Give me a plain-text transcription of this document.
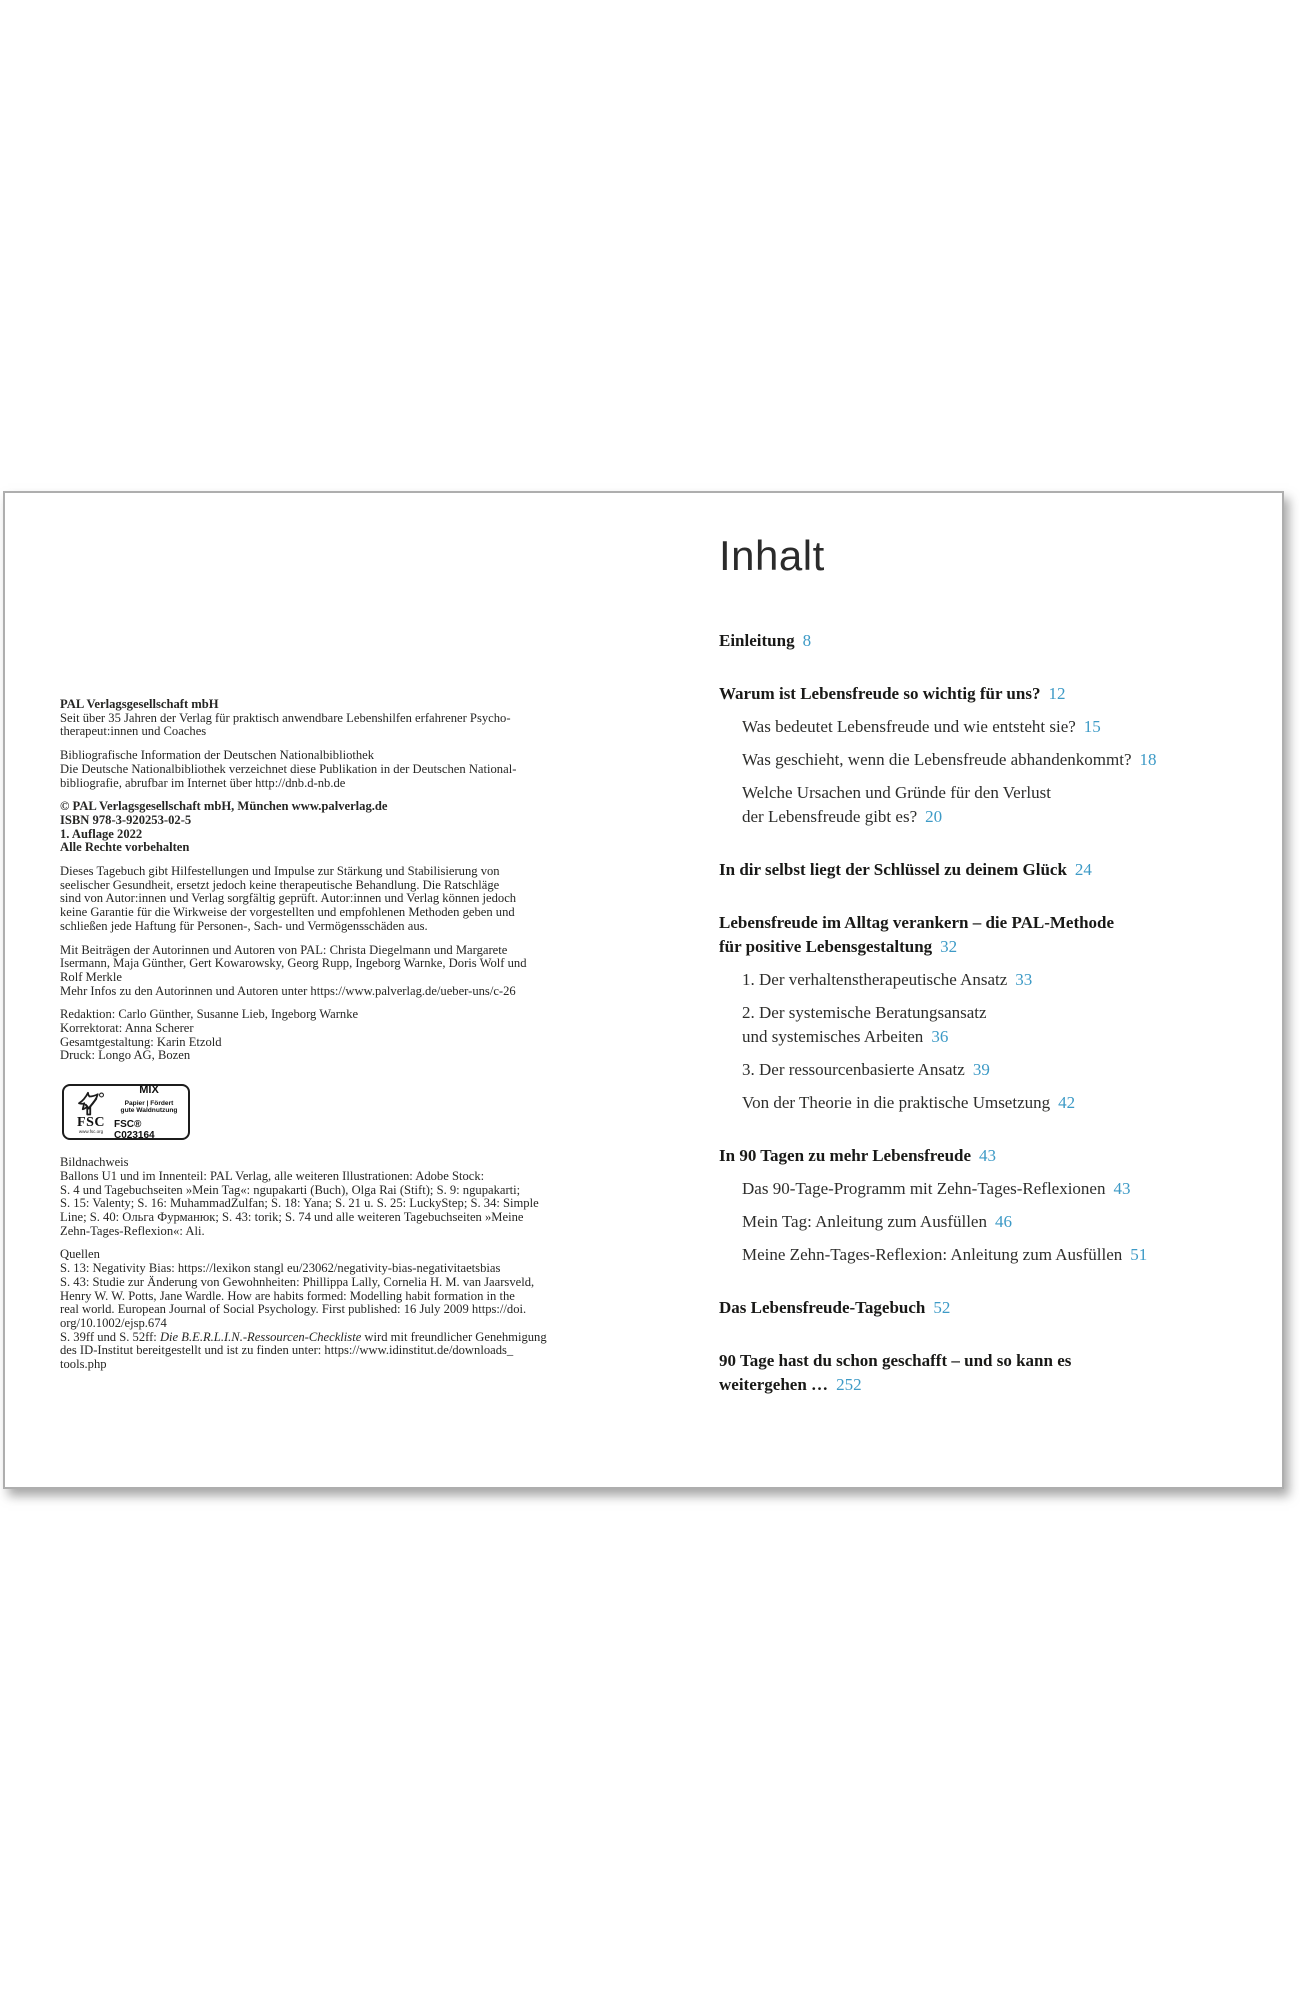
PAL Verlagsgesellschaft mbH
Seit über 35 Jahren der Verlag für praktisch anwendbare Lebenshilfen erfahrener Psycho-
therapeut:innen und Coaches
Bibliografische Information der Deutschen Nationalbibliothek
Die Deutsche Nationalbibliothek verzeichnet diese Publikation in der Deutschen National-
bibliografie, abrufbar im Internet über http://dnb.d-nb.de
© PAL Verlagsgesellschaft mbH, München www.palverlag.de
ISBN 978-3-920253-02-5
1. Auflage 2022
Alle Rechte vorbehalten
Dieses Tagebuch gibt Hilfestellungen und Impulse zur Stärkung und Stabilisierung von
seelischer Gesundheit, ersetzt jedoch keine therapeutische Behandlung. Die Ratschläge
sind von Autor:innen und Verlag sorgfältig geprüft. Autor:innen und Verlag können jedoch
keine Garantie für die Wirkweise der vorgestellten und empfohlenen Methoden geben und
schließen jede Haftung für Personen-, Sach- und Vermögensschäden aus.
Mit Beiträgen der Autorinnen und Autoren von PAL: Christa Diegelmann und Margarete
Isermann, Maja Günther, Gert Kowarowsky, Georg Rupp, Ingeborg Warnke, Doris Wolf und
Rolf Merkle
Mehr Infos zu den Autorinnen und Autoren unter https://www.palverlag.de/ueber-uns/c-26
Redaktion: Carlo Günther, Susanne Lieb, Ingeborg Warnke
Korrektorat: Anna Scherer
Gesamtgestaltung: Karin Etzold
Druck: Longo AG, Bozen
FSC
www.fsc.org
MIX
Papier | Fördert
gute Waldnutzung
FSC® C023164
Bildnachweis
Ballons U1 und im Innenteil: PAL Verlag, alle weiteren Illustrationen: Adobe Stock:
S. 4 und Tagebuchseiten »Mein Tag«: ngupakarti (Buch), Olga Rai (Stift); S. 9: ngupakarti;
S. 15: Valenty; S. 16: MuhammadZulfan; S. 18: Yana; S. 21 u. S. 25: LuckyStep; S. 34: Simple
Line; S. 40: Ольга Фурманюк; S. 43: torik; S. 74 und alle weiteren Tagebuchseiten »Meine
Zehn-Tages-Reflexion«: Ali.
Quellen
S. 13: Negativity Bias: https://lexikon stangl eu/23062/negativity-bias-negativitaetsbias
S. 43: Studie zur Änderung von Gewohnheiten: Phillippa Lally, Cornelia H. M. van Jaarsveld,
Henry W. W. Potts, Jane Wardle. How are habits formed: Modelling habit formation in the
real world. European Journal of Social Psychology. First published: 16 July 2009 https://doi.
org/10.1002/ejsp.674
S. 39ff und S. 52ff: Die B.E.R.L.I.N.-Ressourcen-Checkliste wird mit freundlicher Genehmigung
des ID-Institut bereitgestellt und ist zu finden unter: https://www.idinstitut.de/downloads_
tools.php
Inhalt
Einleitung 8
Warum ist Lebensfreude so wichtig für uns? 12
Was bedeutet Lebensfreude und wie entsteht sie? 15
Was geschieht, wenn die Lebensfreude abhandenkommt? 18
Welche Ursachen und Gründe für den Verlust
der Lebensfreude gibt es? 20
In dir selbst liegt der Schlüssel zu deinem Glück 24
Lebensfreude im Alltag verankern – die PAL-Methode
für positive Lebensgestaltung 32
1. Der verhaltenstherapeutische Ansatz 33
2. Der systemische Beratungsansatz
und systemisches Arbeiten 36
3. Der ressourcenbasierte Ansatz 39
Von der Theorie in die praktische Umsetzung 42
In 90 Tagen zu mehr Lebensfreude 43
Das 90-Tage-Programm mit Zehn-Tages-Reflexionen 43
Mein Tag: Anleitung zum Ausfüllen 46
Meine Zehn-Tages-Reflexion: Anleitung zum Ausfüllen 51
Das Lebensfreude-Tagebuch 52
90 Tage hast du schon geschafft – und so kann es
weitergehen … 252
